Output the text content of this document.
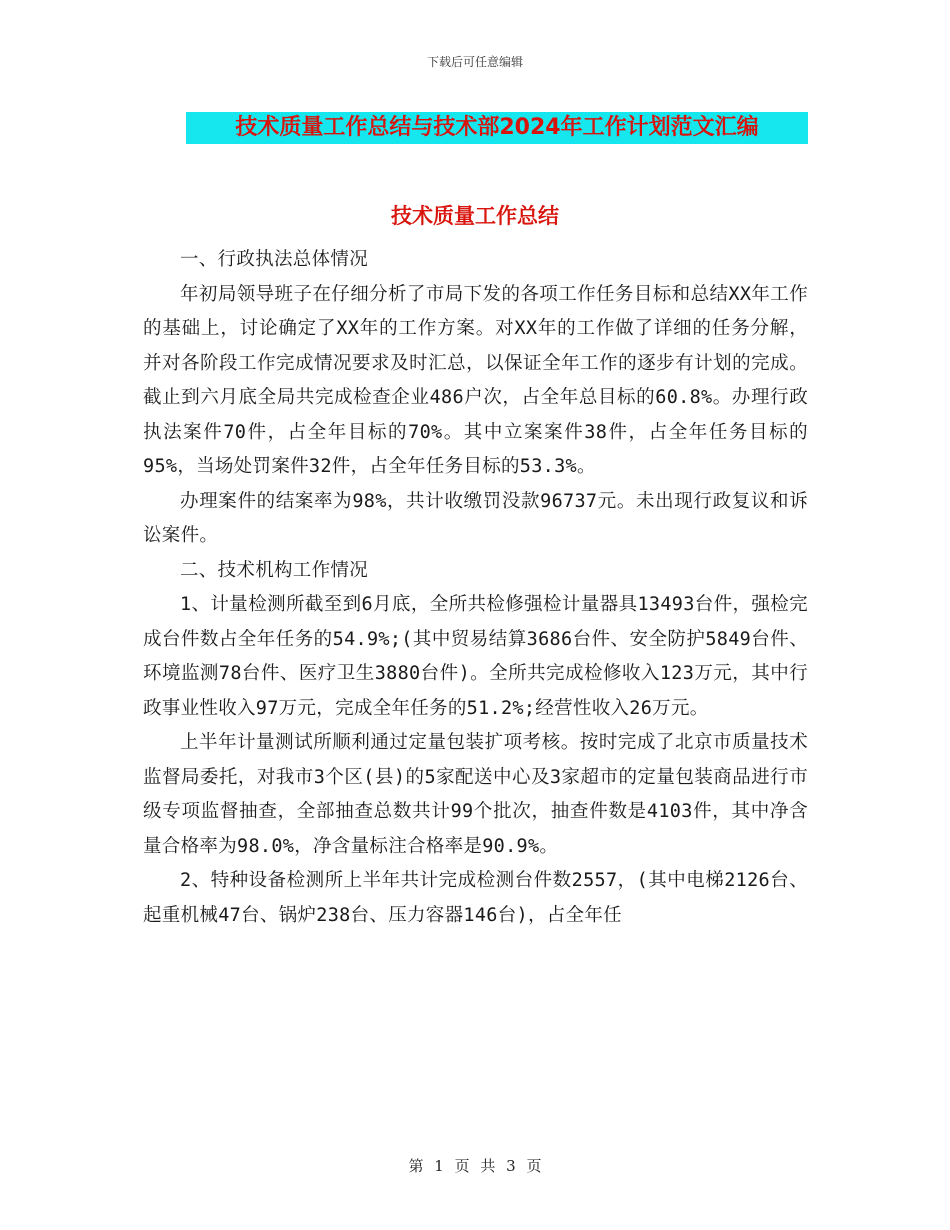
下载后可任意编辑
技术质量工作总结与技术部2024年工作计划范文汇编
技术质量工作总结

一、行政执法总体情况

年初局领导班子在仔细分析了市局下发的各项工作任务目标和总结XX年工作的基础上，讨论确定了XX年的工作方案。对XX年的工作做了详细的任务分解，并对各阶段工作完成情况要求及时汇总，以保证全年工作的逐步有计划的完成。截止到六月底全局共完成检查企业486户次，占全年总目标的60.8%。办理行政执法案件70件，占全年目标的70%。其中立案案件38件，占全年任务目标的95%，当场处罚案件32件，占全年任务目标的53.3%。

办理案件的结案率为98%，共计收缴罚没款96737元。未出现行政复议和诉讼案件。

二、技术机构工作情况

1、计量检测所截至到6月底，全所共检修强检计量器具13493台件，强检完成台件数占全年任务的54.9%;(其中贸易结算3686台件、安全防护5849台件、环境监测78台件、医疗卫生3880台件)。全所共完成检修收入123万元，其中行政事业性收入97万元，完成全年任务的51.2%;经营性收入26万元。

上半年计量测试所顺利通过定量包装扩项考核。按时完成了北京市质量技术监督局委托，对我市3个区(县)的5家配送中心及3家超市的定量包装商品进行市级专项监督抽查，全部抽查总数共计99个批次，抽查件数是4103件，其中净含量合格率为98.0%，净含量标注合格率是90.9%。

2、特种设备检测所上半年共计完成检测台件数2557，(其中电梯2126台、起重机械47台、锅炉238台、压力容器146台)，占全年任

第 1 页 共 3 页
